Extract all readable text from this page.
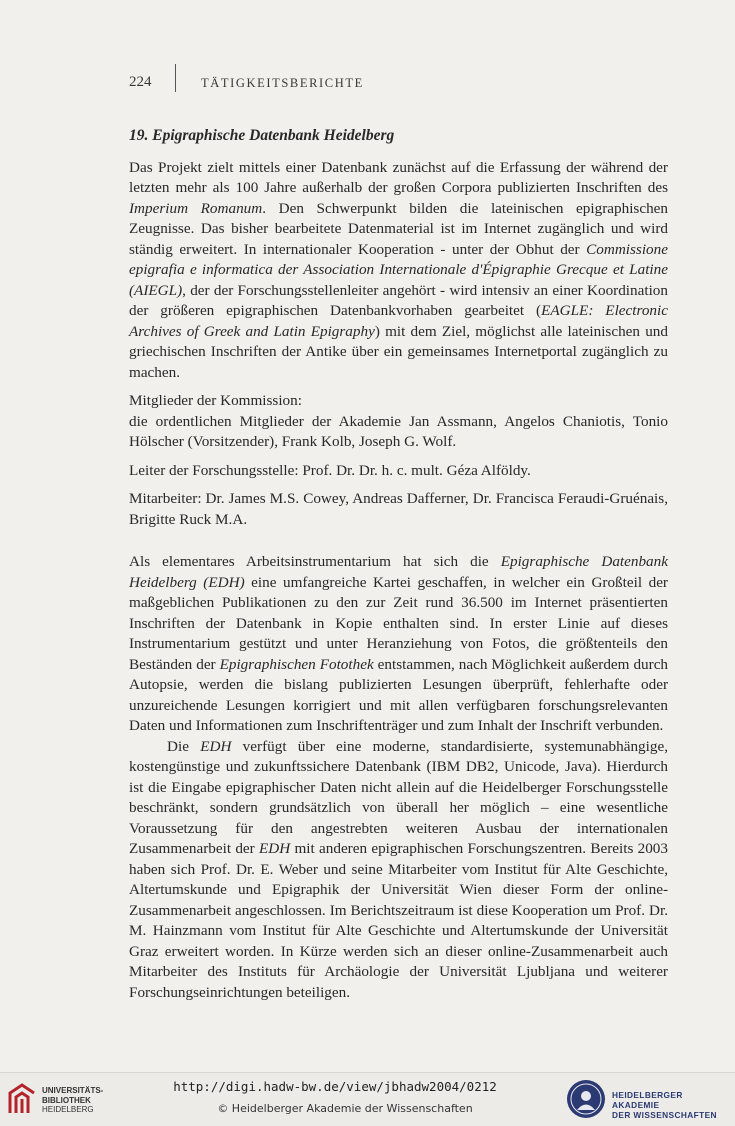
224	TÄTIGKEITSBERICHTE

19. Epigraphische Datenbank Heidelberg

Das Projekt zielt mittels einer Datenbank zunächst auf die Erfassung der während der letzten mehr als 100 Jahre außerhalb der großen Corpora publizierten Inschriften des Imperium Romanum. Den Schwerpunkt bilden die lateinischen epigraphischen Zeugnisse. Das bisher bearbeitete Datenmaterial ist im Internet zugänglich und wird ständig erweitert. In internationaler Kooperation - unter der Obhut der Commissione epigrafia e informatica der Association Internationale d'Épigraphie Grecque et Latine (AIEGL), der der Forschungsstellenleiter angehört - wird intensiv an einer Koordination der größeren epigraphischen Datenbankvorhaben gearbeitet (EAGLE: Electronic Archives of Greek and Latin Epigraphy) mit dem Ziel, möglichst alle lateinischen und griechischen Inschriften der Antike über ein gemeinsames Internetportal zugänglich zu machen.

Mitglieder der Kommission:

die ordentlichen Mitglieder der Akademie Jan Assmann, Angelos Chaniotis, Tonio Hölscher (Vorsitzender), Frank Kolb, Joseph G. Wolf.

Leiter der Forschungsstelle: Prof. Dr. Dr. h. c. mult. Géza Alföldy.

Mitarbeiter: Dr. James M.S. Cowey, Andreas Dafferner, Dr. Francisca Feraudi-Gruénais, Brigitte Ruck M.A.

Als elementares Arbeitsinstrumentarium hat sich die Epigraphische Datenbank Heidelberg (EDH) eine umfangreiche Kartei geschaffen, in welcher ein Großteil der maßgeblichen Publikationen zu den zur Zeit rund 36.500 im Internet präsentierten Inschriften der Datenbank in Kopie enthalten sind. In erster Linie auf dieses Instrumentarium gestützt und unter Heranziehung von Fotos, die größtenteils den Beständen der Epigraphischen Fotothek entstammen, nach Möglichkeit außerdem durch Autopsie, werden die bislang publizierten Lesungen überprüft, fehlerhafte oder unzureichende Lesungen korrigiert und mit allen verfügbaren forschungsrelevanten Daten und Informationen zum Inschriftenträger und zum Inhalt der Inschrift verbunden.

Die EDH verfügt über eine moderne, standardisierte, systemunabhängige, kostengünstige und zukunftssichere Datenbank (IBM DB2, Unicode, Java). Hierdurch ist die Eingabe epigraphischer Daten nicht allein auf die Heidelberger Forschungsstelle beschränkt, sondern grundsätzlich von überall her möglich – eine wesentliche Voraussetzung für den angestrebten weiteren Ausbau der internationalen Zusammenarbeit der EDH mit anderen epigraphischen Forschungszentren. Bereits 2003 haben sich Prof. Dr. E. Weber und seine Mitarbeiter vom Institut für Alte Geschichte, Altertumskunde und Epigraphik der Universität Wien dieser Form der online-Zusammenarbeit angeschlossen. Im Berichtszeitraum ist diese Kooperation um Prof. Dr. M. Hainzmann vom Institut für Alte Geschichte und Altertumskunde der Universität Graz erweitert worden. In Kürze werden sich an dieser online-Zusammenarbeit auch Mitarbeiter des Instituts für Archäologie der Universität Ljubljana und weiterer Forschungseinrichtungen beteiligen.

UNIVERSITÄTS-
BIBLIOTHEK
HEIDELBERG
http://digi.hadw-bw.de/view/jbhadw2004/0212
© Heidelberger Akademie der Wissenschaften
HEIDELBERGER AKADEMIE
DER WISSENSCHAFTEN
